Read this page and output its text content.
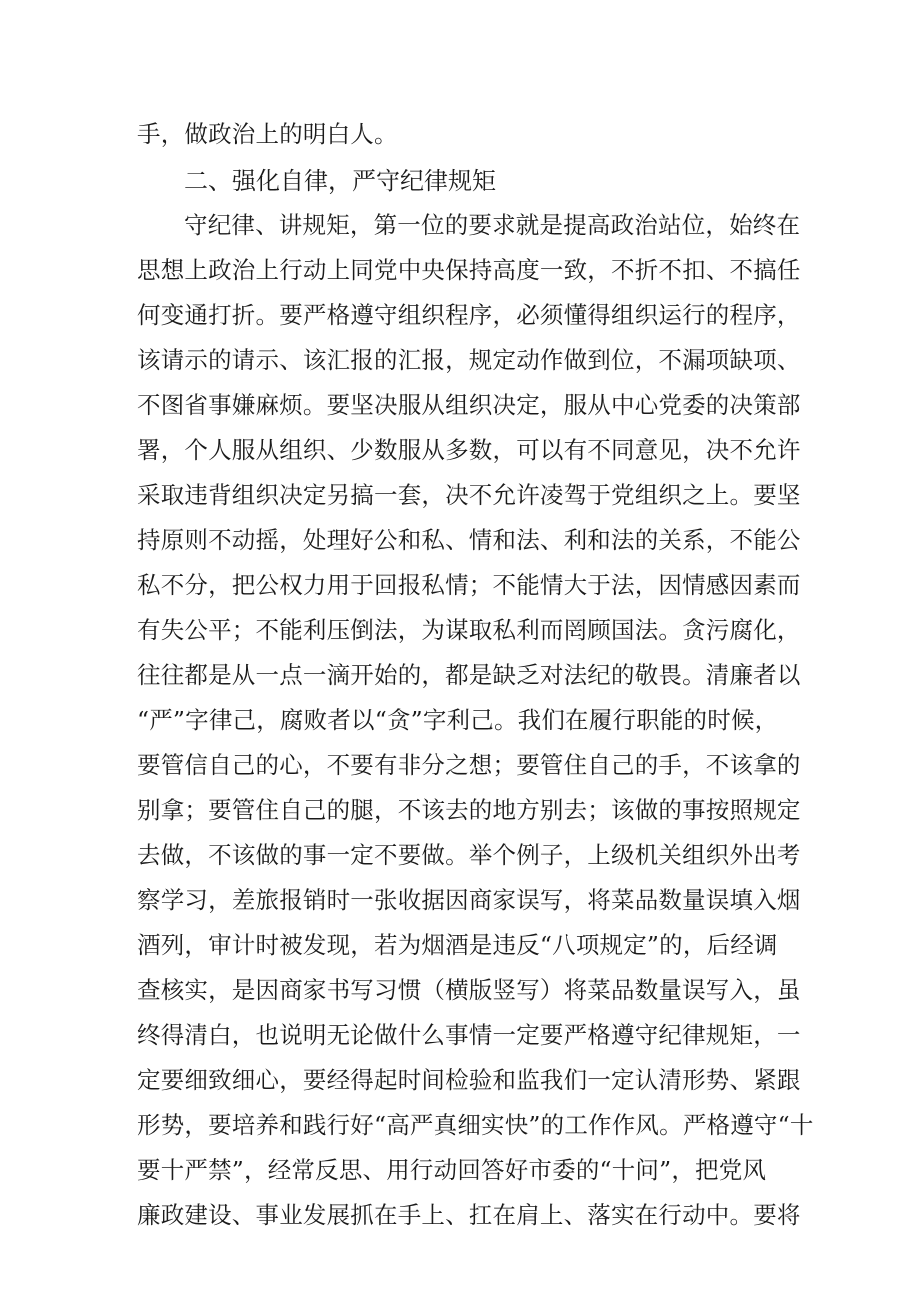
手，做政治上的明白人。

二、强化自律，严守纪律规矩

守纪律、讲规矩，第一位的要求就是提高政治站位，始终在

思想上政治上行动上同党中央保持高度一致，不折不扣、不搞任

何变通打折。要严格遵守组织程序，必须懂得组织运行的程序，

该请示的请示、该汇报的汇报，规定动作做到位，不漏项缺项、

不图省事嫌麻烦。要坚决服从组织决定，服从中心党委的决策部

署，个人服从组织、少数服从多数，可以有不同意见，决不允许

采取违背组织决定另搞一套，决不允许凌驾于党组织之上。要坚

持原则不动摇，处理好公和私、情和法、利和法的关系，不能公

私不分，把公权力用于回报私情；不能情大于法，因情感因素而

有失公平；不能利压倒法，为谋取私利而罔顾国法。贪污腐化，

往往都是从一点一滴开始的，都是缺乏对法纪的敬畏。清廉者以

“严”字律己，腐败者以“贪”字利己。我们在履行职能的时候，

要管信自己的心，不要有非分之想；要管住自己的手，不该拿的

别拿；要管住自己的腿，不该去的地方别去；该做的事按照规定

去做，不该做的事一定不要做。举个例子，上级机关组织外出考

察学习，差旅报销时一张收据因商家误写，将菜品数量误填入烟

酒列，审计时被发现，若为烟酒是违反“八项规定”的，后经调

查核实，是因商家书写习惯（横版竖写）将菜品数量误写入，虽

终得清白，也说明无论做什么事情一定要严格遵守纪律规矩，一

定要细致细心，要经得起时间检验和监我们一定认清形势、紧跟

形势，要培养和践行好“高严真细实快”的工作作风。严格遵守“十

要十严禁”，经常反思、用行动回答好市委的“十问”，把党风

廉政建设、事业发展抓在手上、扛在肩上、落实在行动中。要将
